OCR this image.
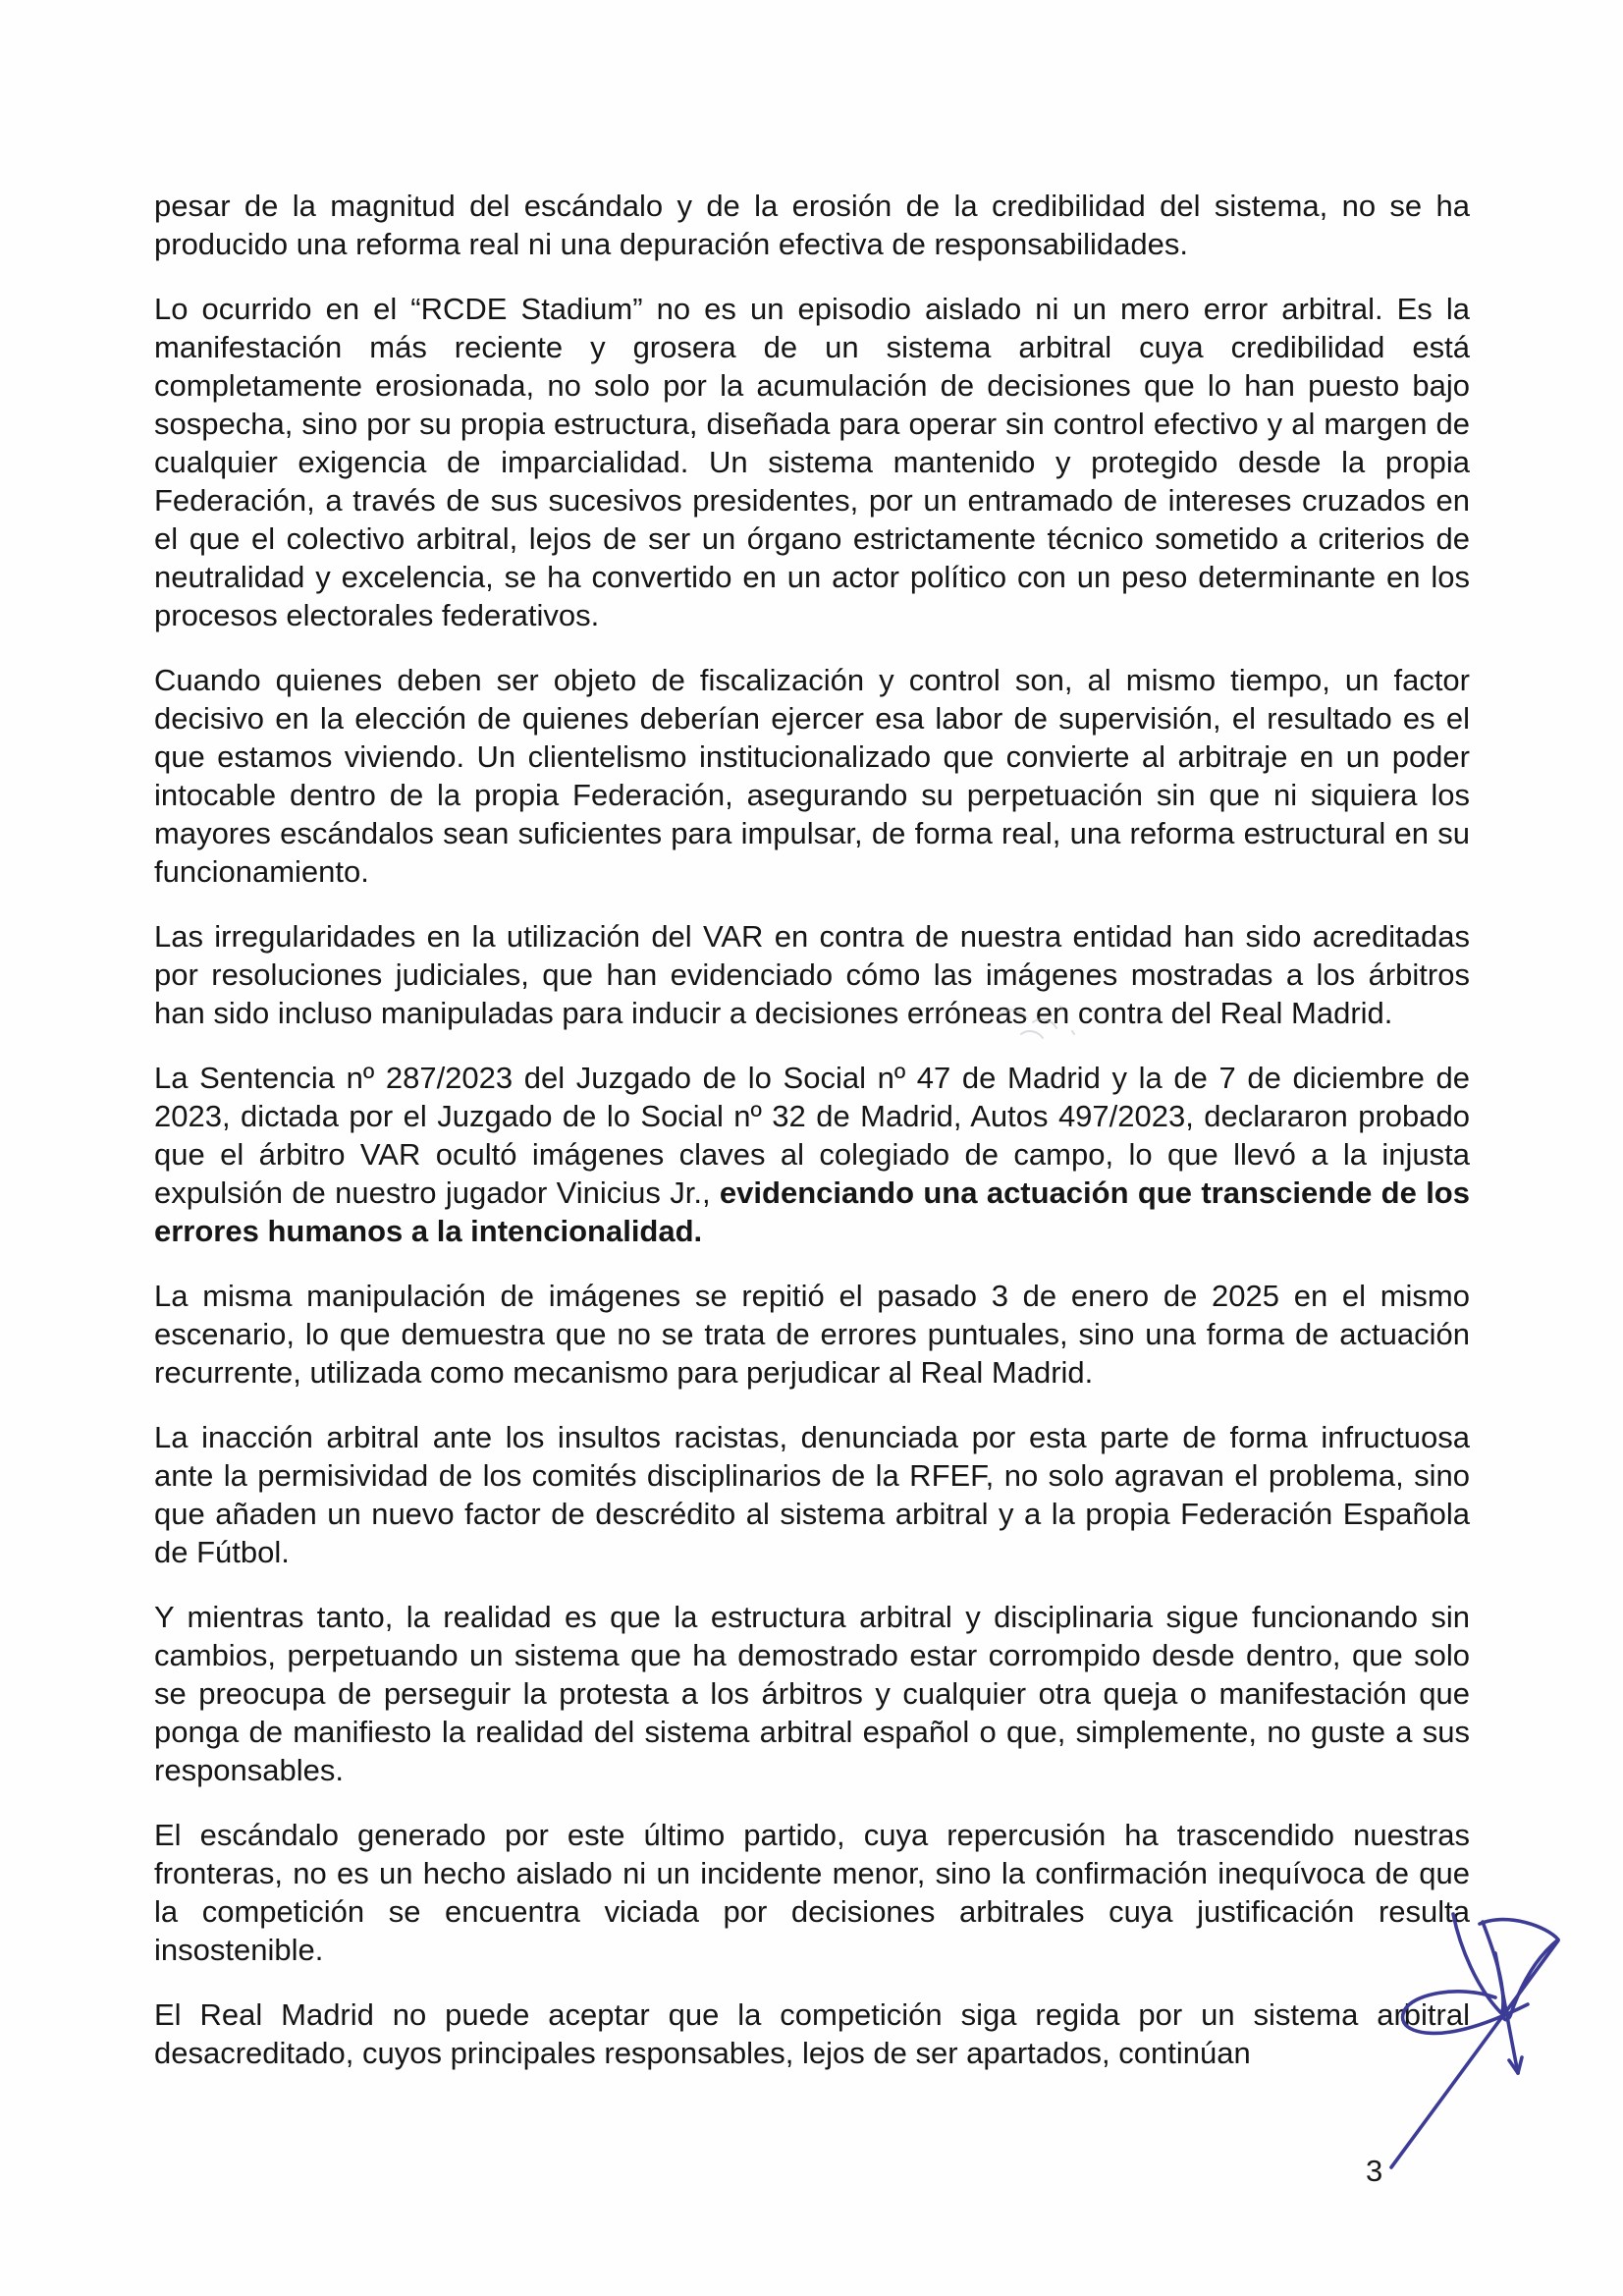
pesar de la magnitud del escándalo y de la erosión de la credibilidad del sistema, no se ha producido una reforma real ni una depuración efectiva de responsabilidades.

Lo ocurrido en el “RCDE Stadium” no es un episodio aislado ni un mero error arbitral. Es la manifestación más reciente y grosera de un sistema arbitral cuya credibilidad está completamente erosionada, no solo por la acumulación de decisiones que lo han puesto bajo sospecha, sino por su propia estructura, diseñada para operar sin control efectivo y al margen de cualquier exigencia de imparcialidad. Un sistema mantenido y protegido desde la propia Federación, a través de sus sucesivos presidentes, por un entramado de intereses cruzados en el que el colectivo arbitral, lejos de ser un órgano estrictamente técnico sometido a criterios de neutralidad y excelencia, se ha convertido en un actor político con un peso determinante en los procesos electorales federativos.

Cuando quienes deben ser objeto de fiscalización y control son, al mismo tiempo, un factor decisivo en la elección de quienes deberían ejercer esa labor de supervisión, el resultado es el que estamos viviendo. Un clientelismo institucionalizado que convierte al arbitraje en un poder intocable dentro de la propia Federación, asegurando su perpetuación sin que ni siquiera los mayores escándalos sean suficientes para impulsar, de forma real, una reforma estructural en su funcionamiento.

Las irregularidades en la utilización del VAR en contra de nuestra entidad han sido acreditadas por resoluciones judiciales, que han evidenciado cómo las imágenes mostradas a los árbitros han sido incluso manipuladas para inducir a decisiones erróneas en contra del Real Madrid.

La Sentencia nº 287/2023 del Juzgado de lo Social nº 47 de Madrid y la de 7 de diciembre de 2023, dictada por el Juzgado de lo Social nº 32 de Madrid, Autos 497/2023, declararon probado que el árbitro VAR ocultó imágenes claves al colegiado de campo, lo que llevó a la injusta expulsión de nuestro jugador Vinicius Jr., evidenciando una actuación que transciende de los errores humanos a la intencionalidad.

La misma manipulación de imágenes se repitió el pasado 3 de enero de 2025 en el mismo escenario, lo que demuestra que no se trata de errores puntuales, sino una forma de actuación recurrente, utilizada como mecanismo para perjudicar al Real Madrid.

La inacción arbitral ante los insultos racistas, denunciada por esta parte de forma infructuosa ante la permisividad de los comités disciplinarios de la RFEF, no solo agravan el problema, sino que añaden un nuevo factor de descrédito al sistema arbitral y a la propia Federación Española de Fútbol.

Y mientras tanto, la realidad es que la estructura arbitral y disciplinaria sigue funcionando sin cambios, perpetuando un sistema que ha demostrado estar corrompido desde dentro, que solo se preocupa de perseguir la protesta a los árbitros y cualquier otra queja o manifestación que ponga de manifiesto la realidad del sistema arbitral español o que, simplemente, no guste a sus responsables.

El escándalo generado por este último partido, cuya repercusión ha trascendido nuestras fronteras, no es un hecho aislado ni un incidente menor, sino la confirmación inequívoca de que la competición se encuentra viciada por decisiones arbitrales cuya justificación resulta insostenible.

El Real Madrid no puede aceptar que la competición siga regida por un sistema arbitral desacreditado, cuyos principales responsables, lejos de ser apartados, continúan

3
